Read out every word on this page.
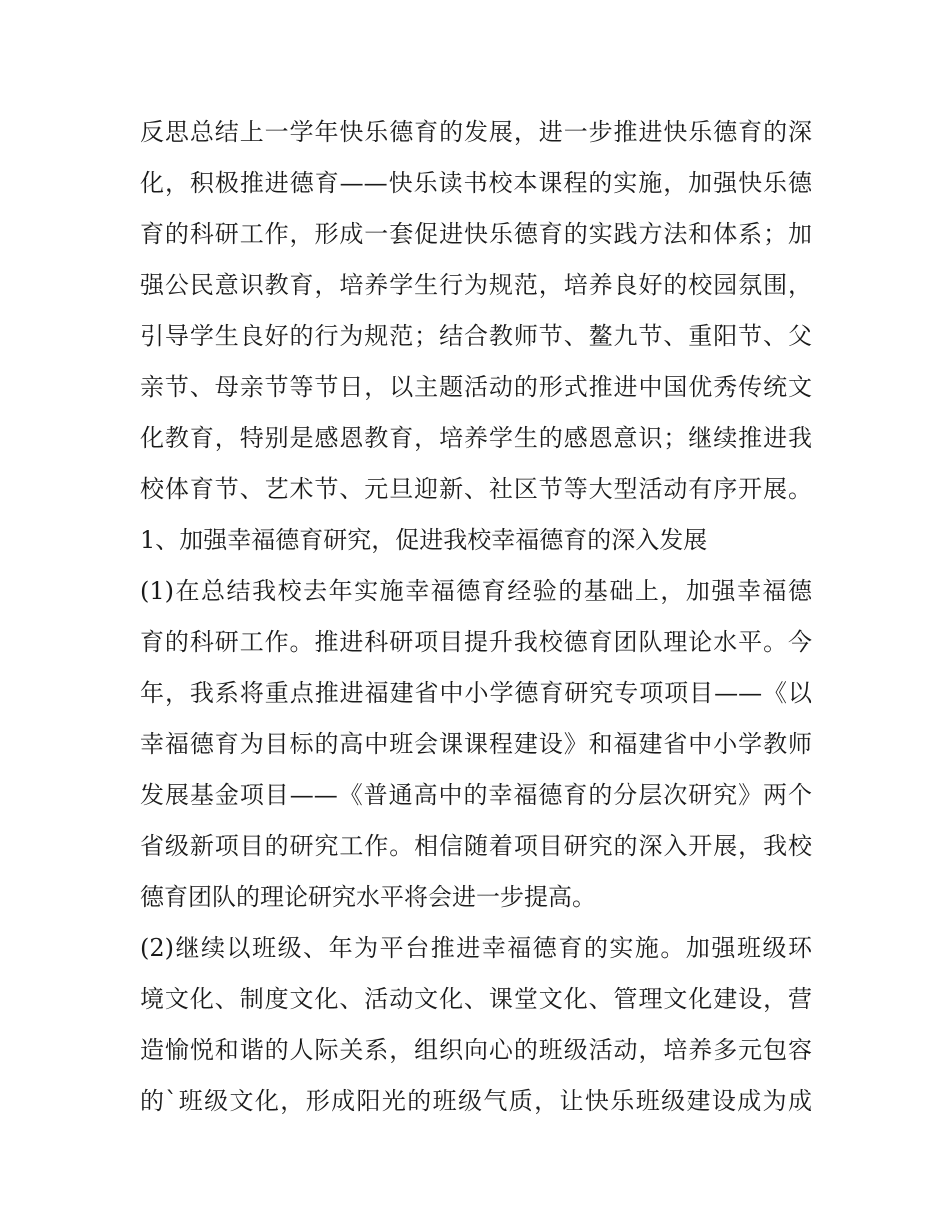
反思总结上一学年快乐德育的发展，进一步推进快乐德育的深
化，积极推进德育——快乐读书校本课程的实施，加强快乐德
育的科研工作，形成一套促进快乐德育的实践方法和体系；加
强公民意识教育，培养学生行为规范，培养良好的校园氛围，
引导学生良好的行为规范；结合教师节、鳌九节、重阳节、父
亲节、母亲节等节日，以主题活动的形式推进中国优秀传统文
化教育，特别是感恩教育，培养学生的感恩意识；继续推进我
校体育节、艺术节、元旦迎新、社区节等大型活动有序开展。
1、加强幸福德育研究，促进我校幸福德育的深入发展
(1)在总结我校去年实施幸福德育经验的基础上，加强幸福德
育的科研工作。推进科研项目提升我校德育团队理论水平。今
年，我系将重点推进福建省中小学德育研究专项项目——《以
幸福德育为目标的高中班会课课程建设》和福建省中小学教师
发展基金项目——《普通高中的幸福德育的分层次研究》两个
省级新项目的研究工作。相信随着项目研究的深入开展，我校
德育团队的理论研究水平将会进一步提高。
(2)继续以班级、年为平台推进幸福德育的实施。加强班级环
境文化、制度文化、活动文化、课堂文化、管理文化建设，营
造愉悦和谐的人际关系，组织向心的班级活动，培养多元包容
的`班级文化，形成阳光的班级气质，让快乐班级建设成为成
